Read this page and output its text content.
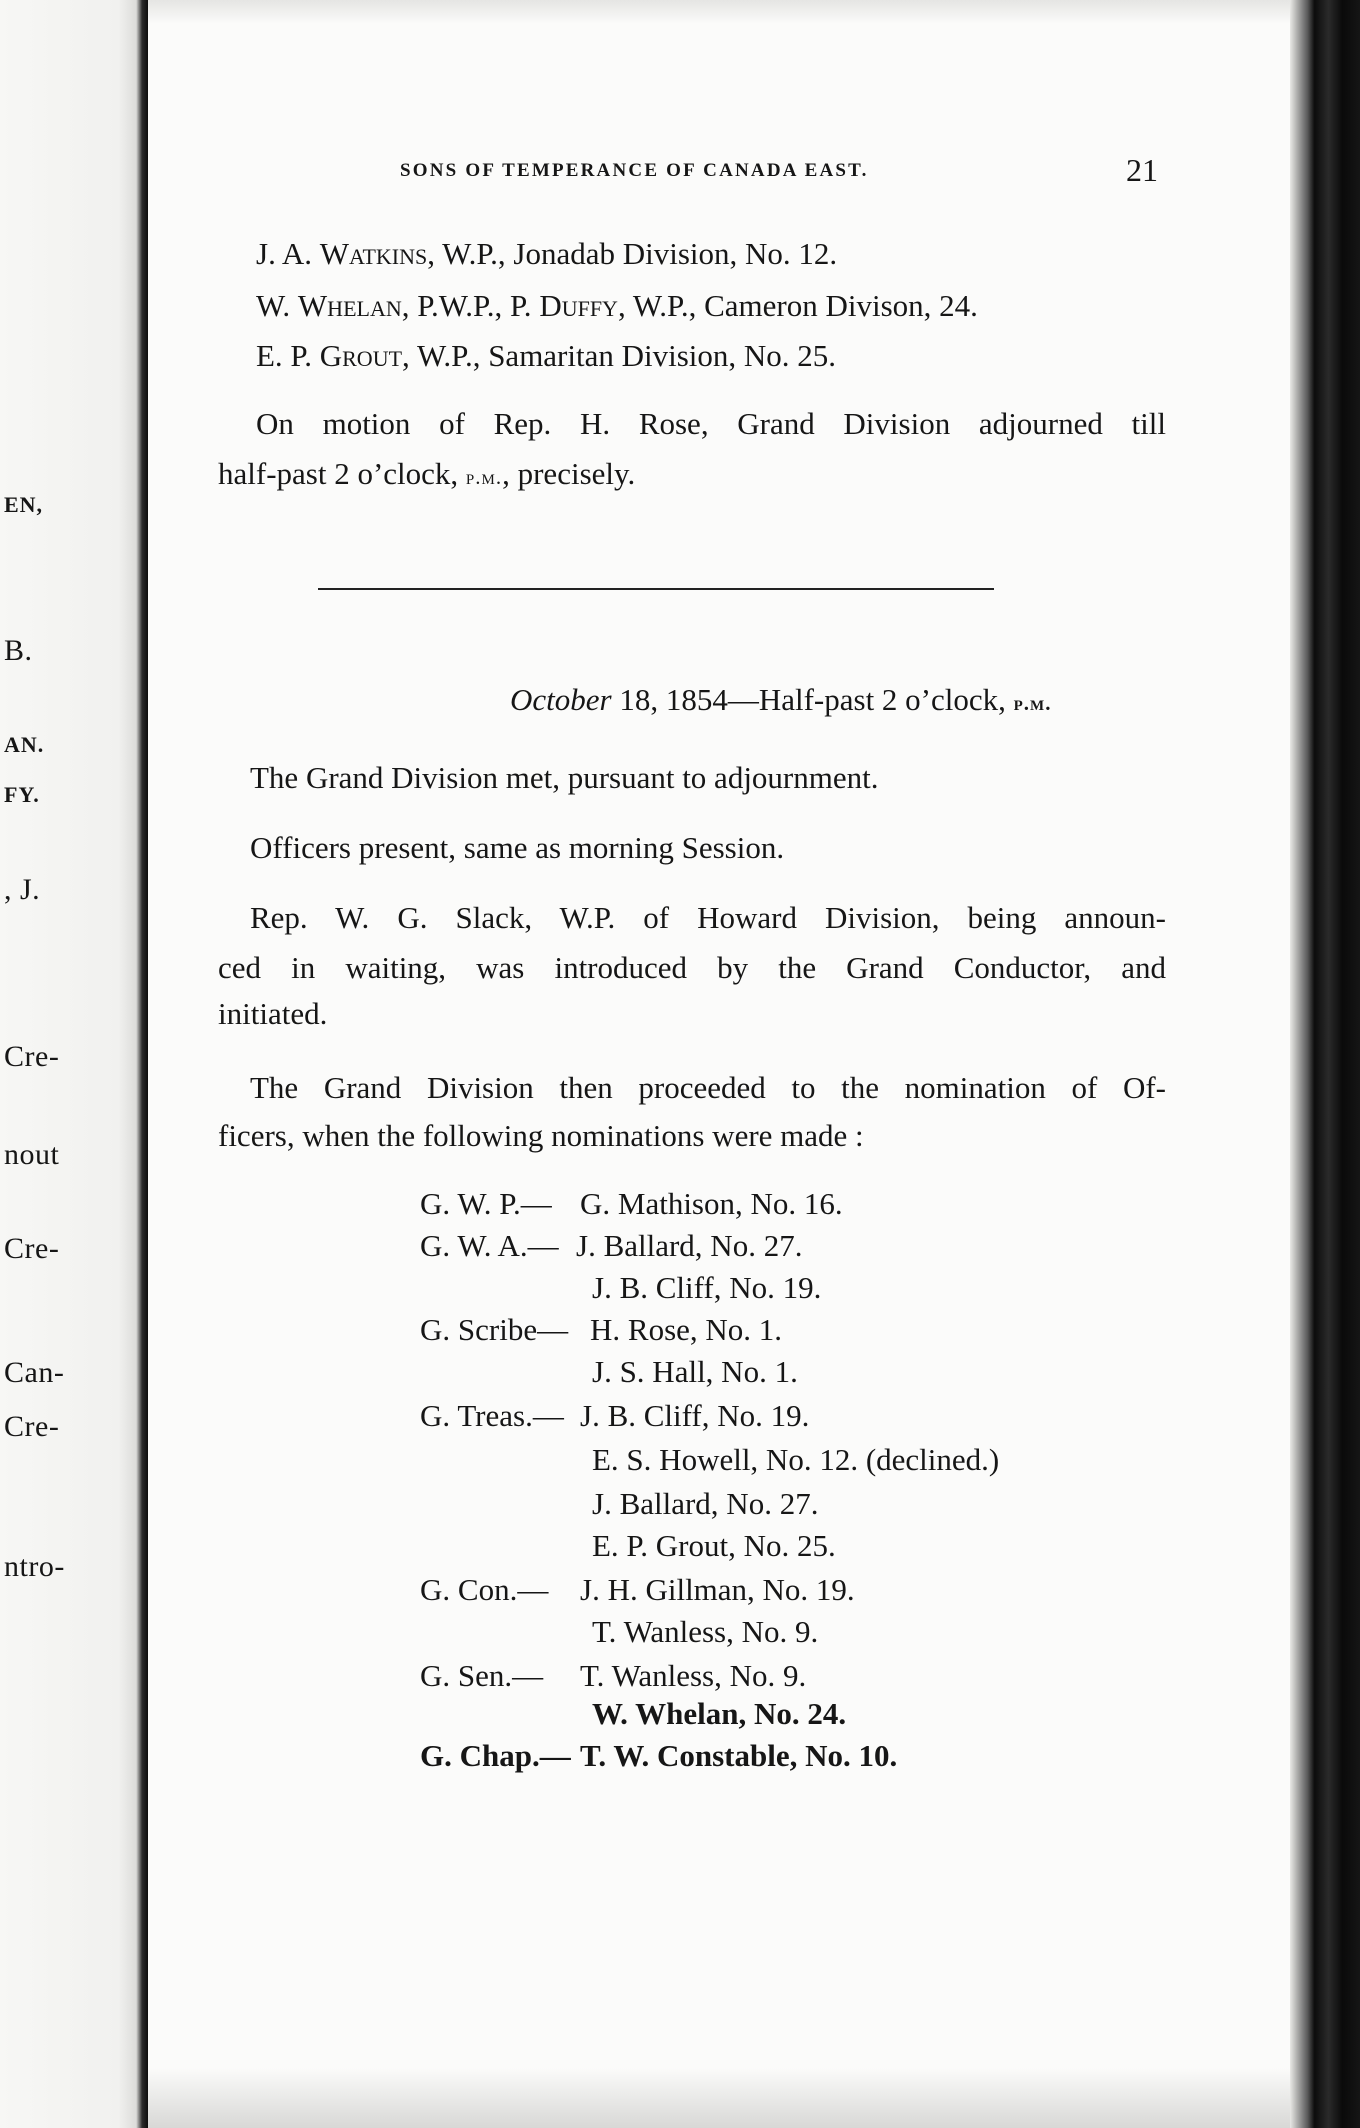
EN,
B.
AN.
FY.
, J.
Cre-
nout
Cre-
Can-
Cre-
ntro-
SONS OF TEMPERANCE OF CANADA EAST.	21
J. A. Watkins, W.P., Jonadab Division, No. 12.
W. Whelan, P.W.P., P. Duffy, W.P., Cameron Divison, 24.
E. P. Grout, W.P., Samaritan Division, No. 25.
On motion of Rep. H. Rose, Grand Division adjourned till
half-past 2 o’clock, p.m., precisely.
October 18, 1854—Half-past 2 o’clock, p.m.
The Grand Division met, pursuant to adjournment.
Officers present, same as morning Session.
Rep. W. G. Slack, W.P. of Howard Division, being announ-
ced in waiting, was introduced by the Grand Conductor, and
initiated.
The Grand Division then proceeded to the nomination of Of-
ficers, when the following nominations were made :
G. W. P.— G. Mathison, No. 16.
G. W. A.— J. Ballard, No. 27.
J. B. Cliff, No. 19.
G. Scribe— H. Rose, No. 1.
J. S. Hall, No. 1.
G. Treas.— J. B. Cliff, No. 19.
E. S. Howell, No. 12. (declined.)
J. Ballard, No. 27.
E. P. Grout, No. 25.
G. Con.— J. H. Gillman, No. 19.
T. Wanless, No. 9.
G. Sen.— T. Wanless, No. 9.
W. Whelan, No. 24.
G. Chap.— T. W. Constable, No. 10.
